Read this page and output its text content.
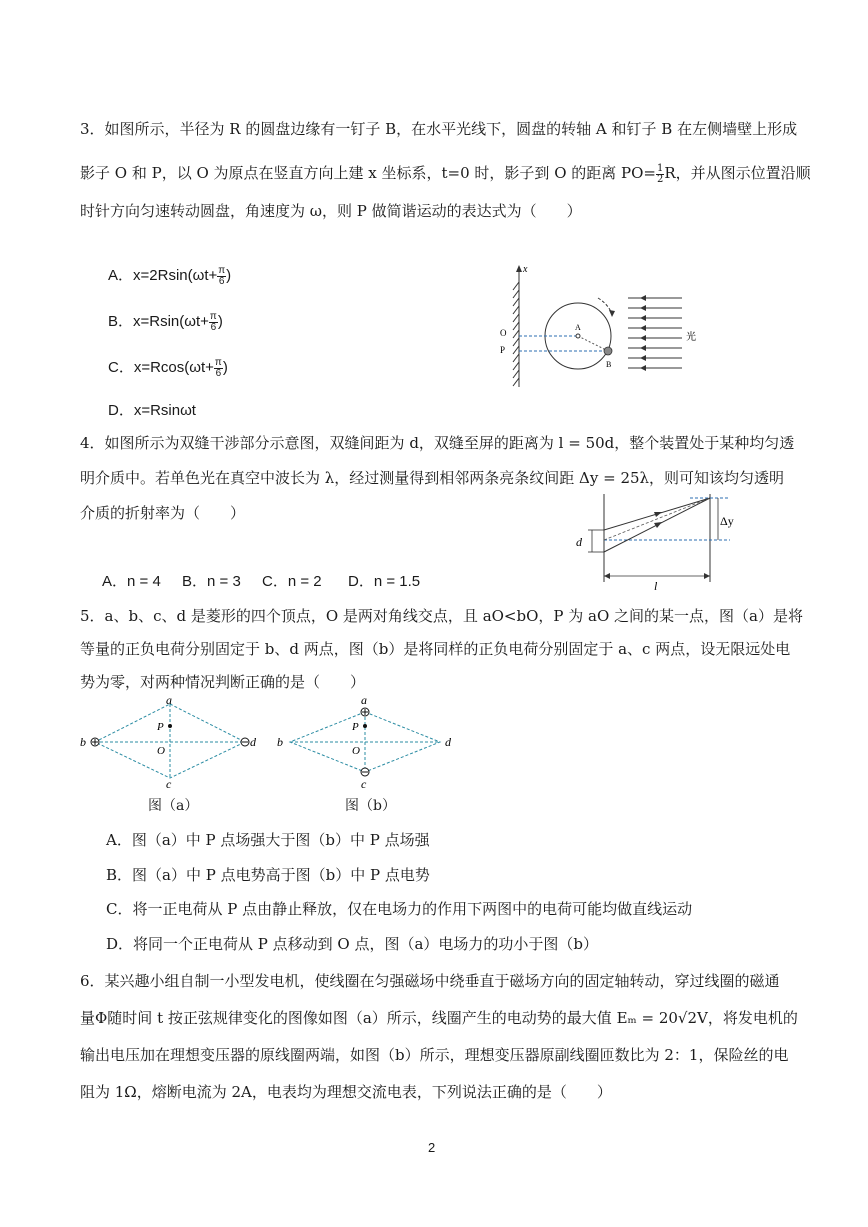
3．如图所示，半径为 R 的圆盘边缘有一钉子 B，在水平光线下，圆盘的转轴 A 和钉子 B 在左侧墙壁上形成
影子 O 和 P，以 O 为原点在竖直方向上建 x 坐标系，t=0 时，影子到 O 的距离 $PO= \frac{1}{2}$ R，并从图示位置沿顺
时针方向匀速转动圆盘，角速度为 ω，则 P 做简谐运动的表达式为（　　）
A．$x=2Rsin(\omega t+ \frac{\pi}{6}$ )
B．$x=Rsin(\omega t+ \frac{\pi}{6}$ )
C．$x=Rcos(\omega t+ \frac{\pi}{6}$ )
D．x=Rsinωt
x
O
P
A
B
光
4．如图所示为双缝干涉部分示意图，双缝间距为 d，双缝至屏的距离为 l = 50d，整个装置处于某种均匀透
明介质中。若单色光在真空中波长为 λ，经过测量得到相邻两条亮条纹间距 Δy = 25λ，则可知该均匀透明
介质的折射率为（　　）
A．n = 4 B．n = 3 C．n = 2 D．n = 1.5
d
Δy
l
5．a、b、c、d 是菱形的四个顶点，O 是两对角线交点，且 aO<bO，P 为 aO 之间的某一点，图（a）是将
等量的正负电荷分别固定于 b、d 两点，图（b）是将同样的正负电荷分别固定于 a、c 两点，设无限远处电
势为零，对两种情况判断正确的是（　　）
a
b
c
d
P
O
图（a）
a
b
c
d
P
O
图（b）
A．图（a）中 P 点场强大于图（b）中 P 点场强
B．图（a）中 P 点电势高于图（b）中 P 点电势
C．将一正电荷从 P 点由静止释放，仅在电场力的作用下两图中的电荷可能均做直线运动
D．将同一个正电荷从 P 点移动到 O 点，图（a）电场力的功小于图（b）
6．某兴趣小组自制一小型发电机，使线圈在匀强磁场中绕垂直于磁场方向的固定轴转动，穿过线圈的磁通
量Φ随时间 t 按正弦规律变化的图像如图（a）所示，线圈产生的电动势的最大值 Eₘ = 20√2V，将发电机的
输出电压加在理想变压器的原线圈两端，如图（b）所示，理想变压器原副线圈匝数比为 2：1，保险丝的电
阻为 1Ω，熔断电流为 2A，电表均为理想交流电表，下列说法正确的是（　　）
2
